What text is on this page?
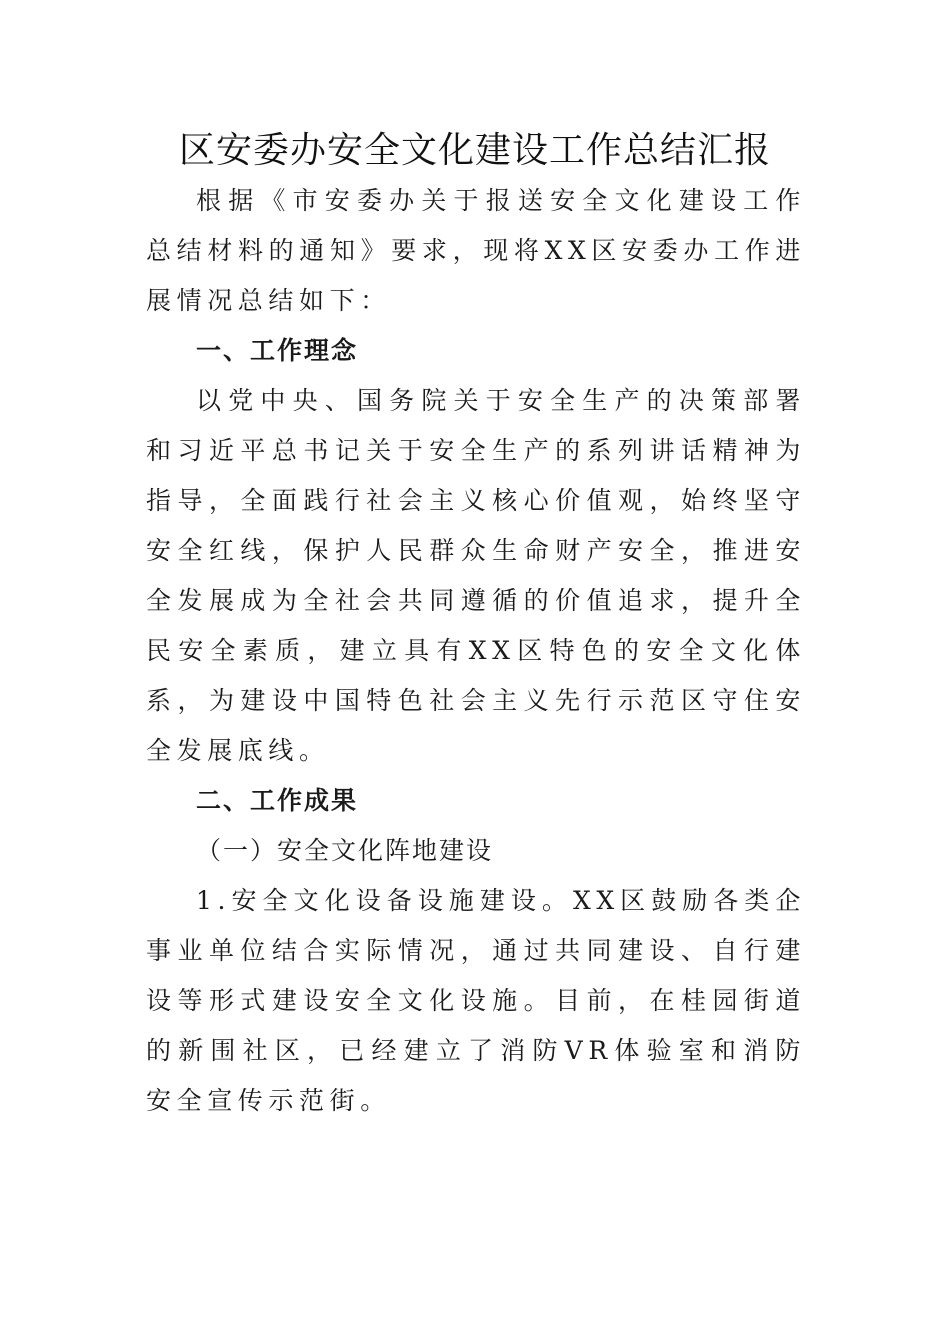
区安委办安全文化建设工作总结汇报

根据《市安委办关于报送安全文化建设工作总结材料的通知》要求，现将XX区安委办工作进展情况总结如下：

一、工作理念

以党中央、国务院关于安全生产的决策部署和习近平总书记关于安全生产的系列讲话精神为指导，全面践行社会主义核心价值观，始终坚守安全红线，保护人民群众生命财产安全，推进安全发展成为全社会共同遵循的价值追求，提升全民安全素质，建立具有XX区特色的安全文化体系，为建设中国特色社会主义先行示范区守住安全发展底线。

二、工作成果

（一）安全文化阵地建设

1.安全文化设备设施建设。XX区鼓励各类企事业单位结合实际情况，通过共同建设、自行建设等形式建设安全文化设施。目前，在桂园街道的新围社区，已经建立了消防VR体验室和消防安全宣传示范街。
